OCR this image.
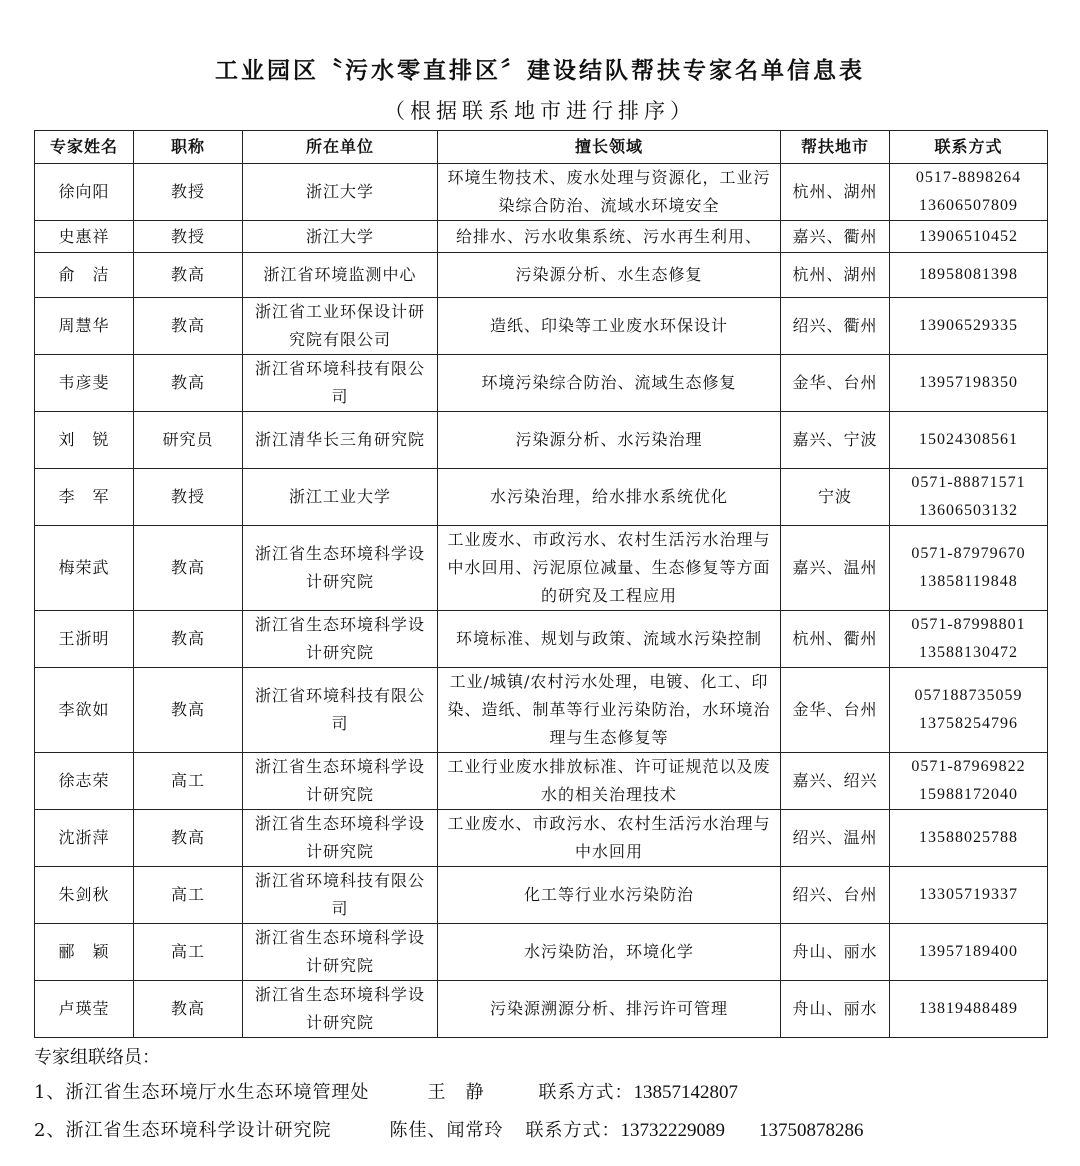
工业园区〝污水零直排区〞建设结队帮扶专家名单信息表
（根据联系地市进行排序）
专家姓名	职称	所在单位	擅长领域	帮扶地市	联系方式
徐向阳	教授	浙江大学	环境生物技术、废水处理与资源化，工业污染综合防治、流域水环境安全	杭州、湖州	0517-8898264
13606507809

史惠祥	教授	浙江大学	给排水、污水收集系统、污水再生利用、	嘉兴、衢州	13906510452

俞　洁	教高	浙江省环境监测中心	污染源分析、水生态修复	杭州、湖州	18958081398

周慧华	教高	浙江省工业环保设计研究院有限公司	造纸、印染等工业废水环保设计	绍兴、衢州	13906529335

韦彦斐	教高	浙江省环境科技有限公司	环境污染综合防治、流域生态修复	金华、台州	13957198350

刘　锐	研究员	浙江清华长三角研究院	污染源分析、水污染治理	嘉兴、宁波	15024308561

李　军	教授	浙江工业大学	水污染治理，给水排水系统优化	宁波	0571-88871571
13606503132

梅荣武	教高	浙江省生态环境科学设计研究院	工业废水、市政污水、农村生活污水治理与中水回用、污泥原位减量、生态修复等方面的研究及工程应用	嘉兴、温州	0571-87979670
13858119848

王浙明	教高	浙江省生态环境科学设计研究院	环境标准、规划与政策、流域水污染控制	杭州、衢州	0571-87998801
13588130472

李欲如	教高	浙江省环境科技有限公司	工业/城镇/农村污水处理，电镀、化工、印染、造纸、制革等行业污染防治，水环境治理与生态修复等	金华、台州	057188735059
13758254796

徐志荣	高工	浙江省生态环境科学设计研究院	工业行业废水排放标准、许可证规范以及废水的相关治理技术	嘉兴、绍兴	0571-87969822
15988172040

沈浙萍	教高	浙江省生态环境科学设计研究院	工业废水、市政污水、农村生活污水治理与中水回用	绍兴、温州	13588025788

朱剑秋	高工	浙江省环境科技有限公司	化工等行业水污染防治	绍兴、台州	13305719337

郦　颖	高工	浙江省生态环境科学设计研究院	水污染防治，环境化学	舟山、丽水	13957189400

卢瑛莹	教高	浙江省生态环境科学设计研究院	污染源溯源分析、排污许可管理	舟山、丽水	13819488489
专家组联络员：
1、浙江省生态环境厅水生态环境管理处	王　静	联系方式：13857142807
2、浙江省生态环境科学设计研究院	陈佳、闻常玲 联系方式：13732229089 13750878286
